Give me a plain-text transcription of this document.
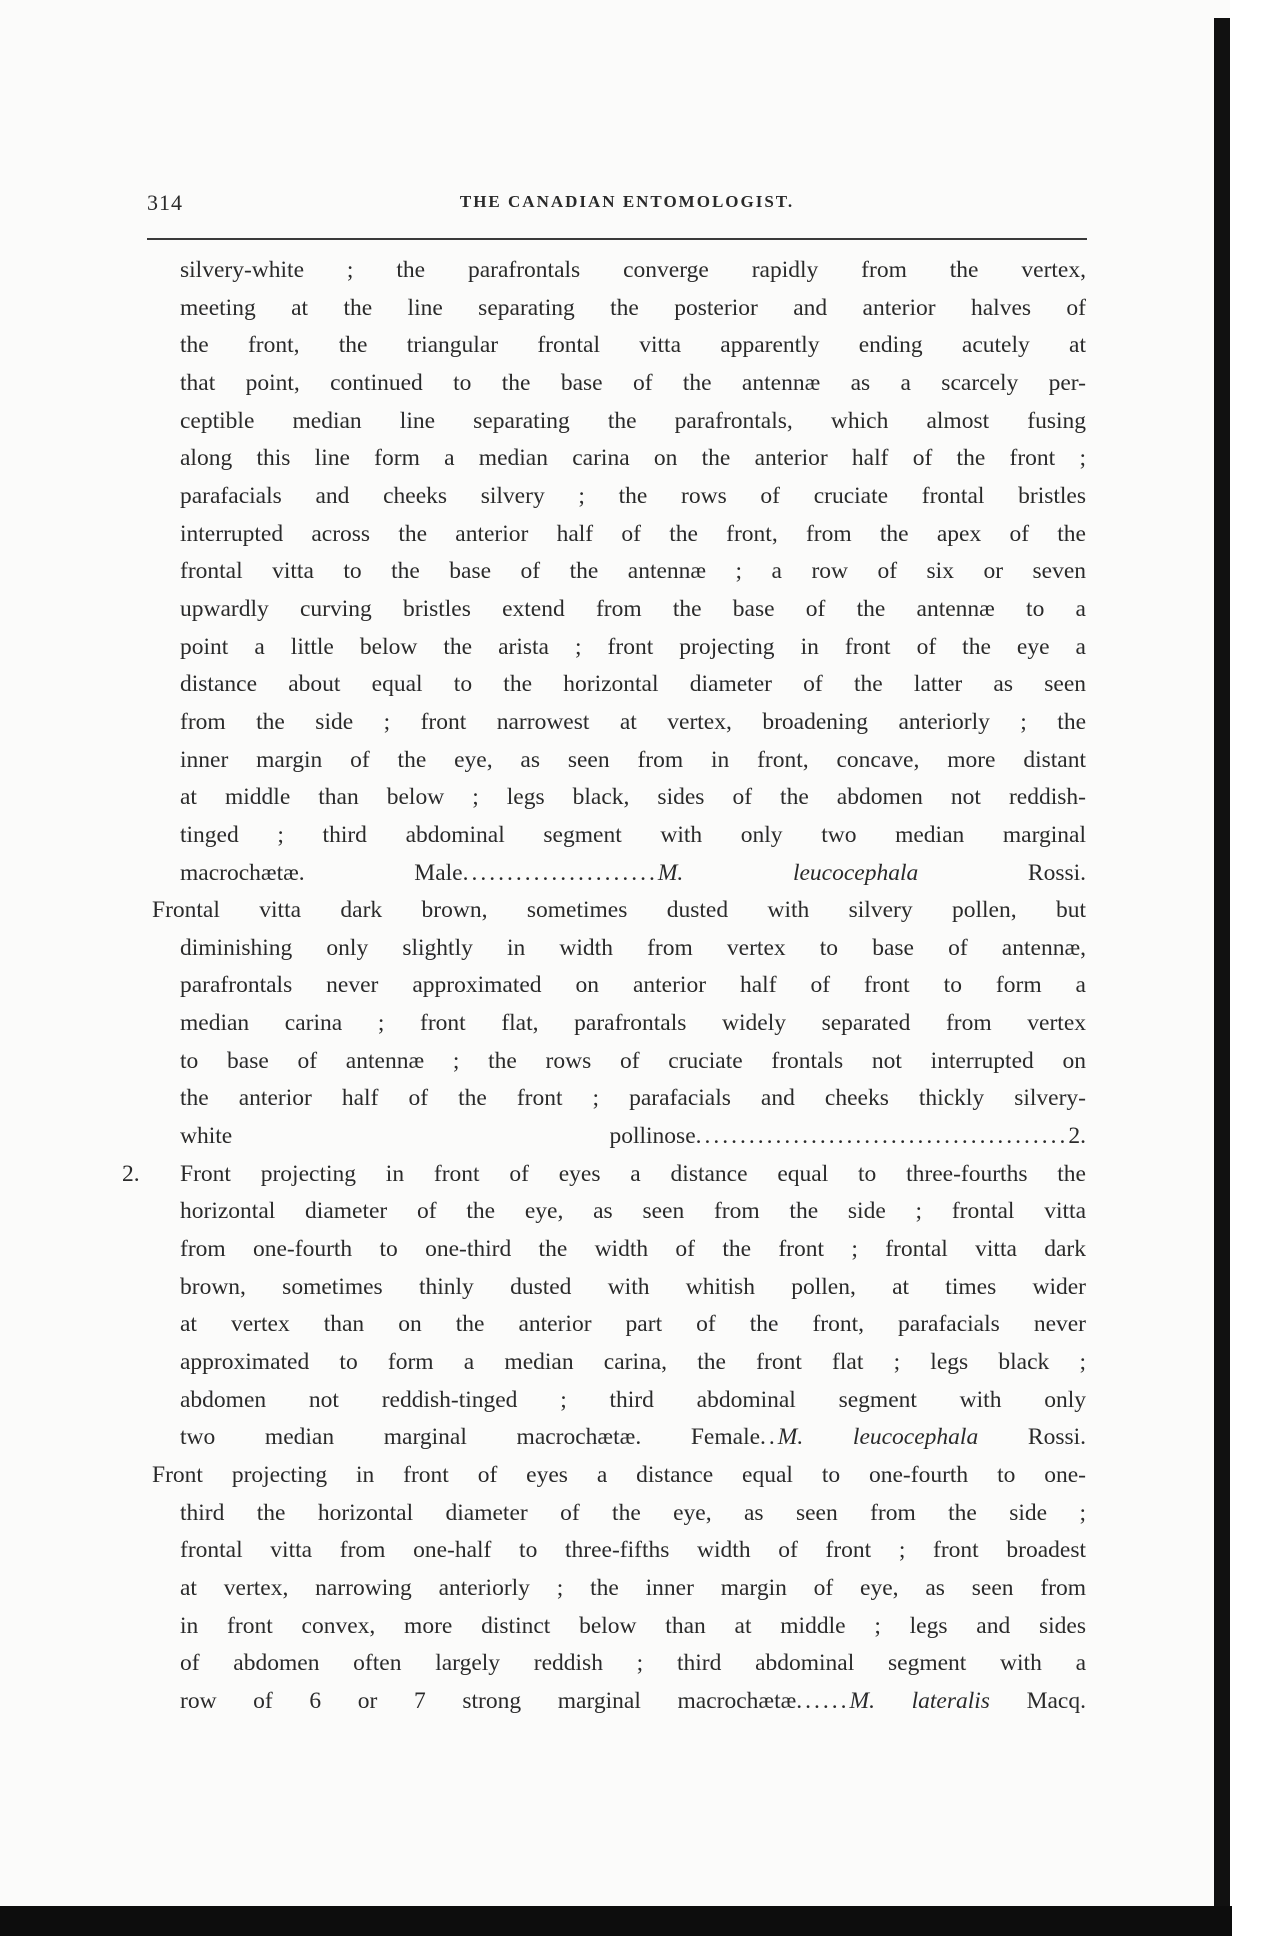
314	THE CANADIAN ENTOMOLOGIST.
silvery-white ; the parafrontals converge rapidly from the vertex,
meeting at the line separating the posterior and anterior halves of
the front, the triangular frontal vitta apparently ending acutely at
that point, continued to the base of the antennæ as a scarcely per-
ceptible median line separating the parafrontals, which almost fusing
along this line form a median carina on the anterior half of the front ;
parafacials and cheeks silvery ; the rows of cruciate frontal bristles
interrupted across the anterior half of the front, from the apex of the
frontal vitta to the base of the antennæ ; a row of six or seven
upwardly curving bristles extend from the base of the antennæ to a
point a little below the arista ; front projecting in front of the eye a
distance about equal to the horizontal diameter of the latter as seen
from the side ; front narrowest at vertex, broadening anteriorly ; the
inner margin of the eye, as seen from in front, concave, more distant
at middle than below ; legs black, sides of the abdomen not reddish-
tinged ; third abdominal segment with only two median marginal
macrochætæ. Male......................M. leucocephala	Rossi.
Frontal vitta dark brown, sometimes dusted with silvery pollen, but
diminishing only slightly in width from vertex to base of antennæ,
parafrontals never approximated on anterior half of front to form a
median carina ; front flat, parafrontals widely separated from vertex
to base of antennæ ; the rows of cruciate frontals not interrupted on
the anterior half of the front ; parafacials and cheeks thickly silvery-
white pollinose..........................................2.
2.	Front projecting in front of eyes a distance equal to three-fourths the
horizontal diameter of the eye, as seen from the side ; frontal vitta
from one-fourth to one-third the width of the front ; frontal vitta dark
brown, sometimes thinly dusted with whitish pollen, at times wider
at vertex than on the anterior part of the front, parafacials never
approximated to form a median carina, the front flat ; legs black ;
abdomen not reddish-tinged ; third abdominal segment with only
two median marginal macrochætæ. Female..M. leucocephala Rossi.
Front projecting in front of eyes a distance equal to one-fourth to one-
third the horizontal diameter of the eye, as seen from the side ;
frontal vitta from one-half to three-fifths width of front ; front broadest
at vertex, narrowing anteriorly ; the inner margin of eye, as seen from
in front convex, more distinct below than at middle ; legs and sides
of abdomen often largely reddish ; third abdominal segment with a
row of 6 or 7 strong marginal macrochætæ......M. lateralis Macq.
